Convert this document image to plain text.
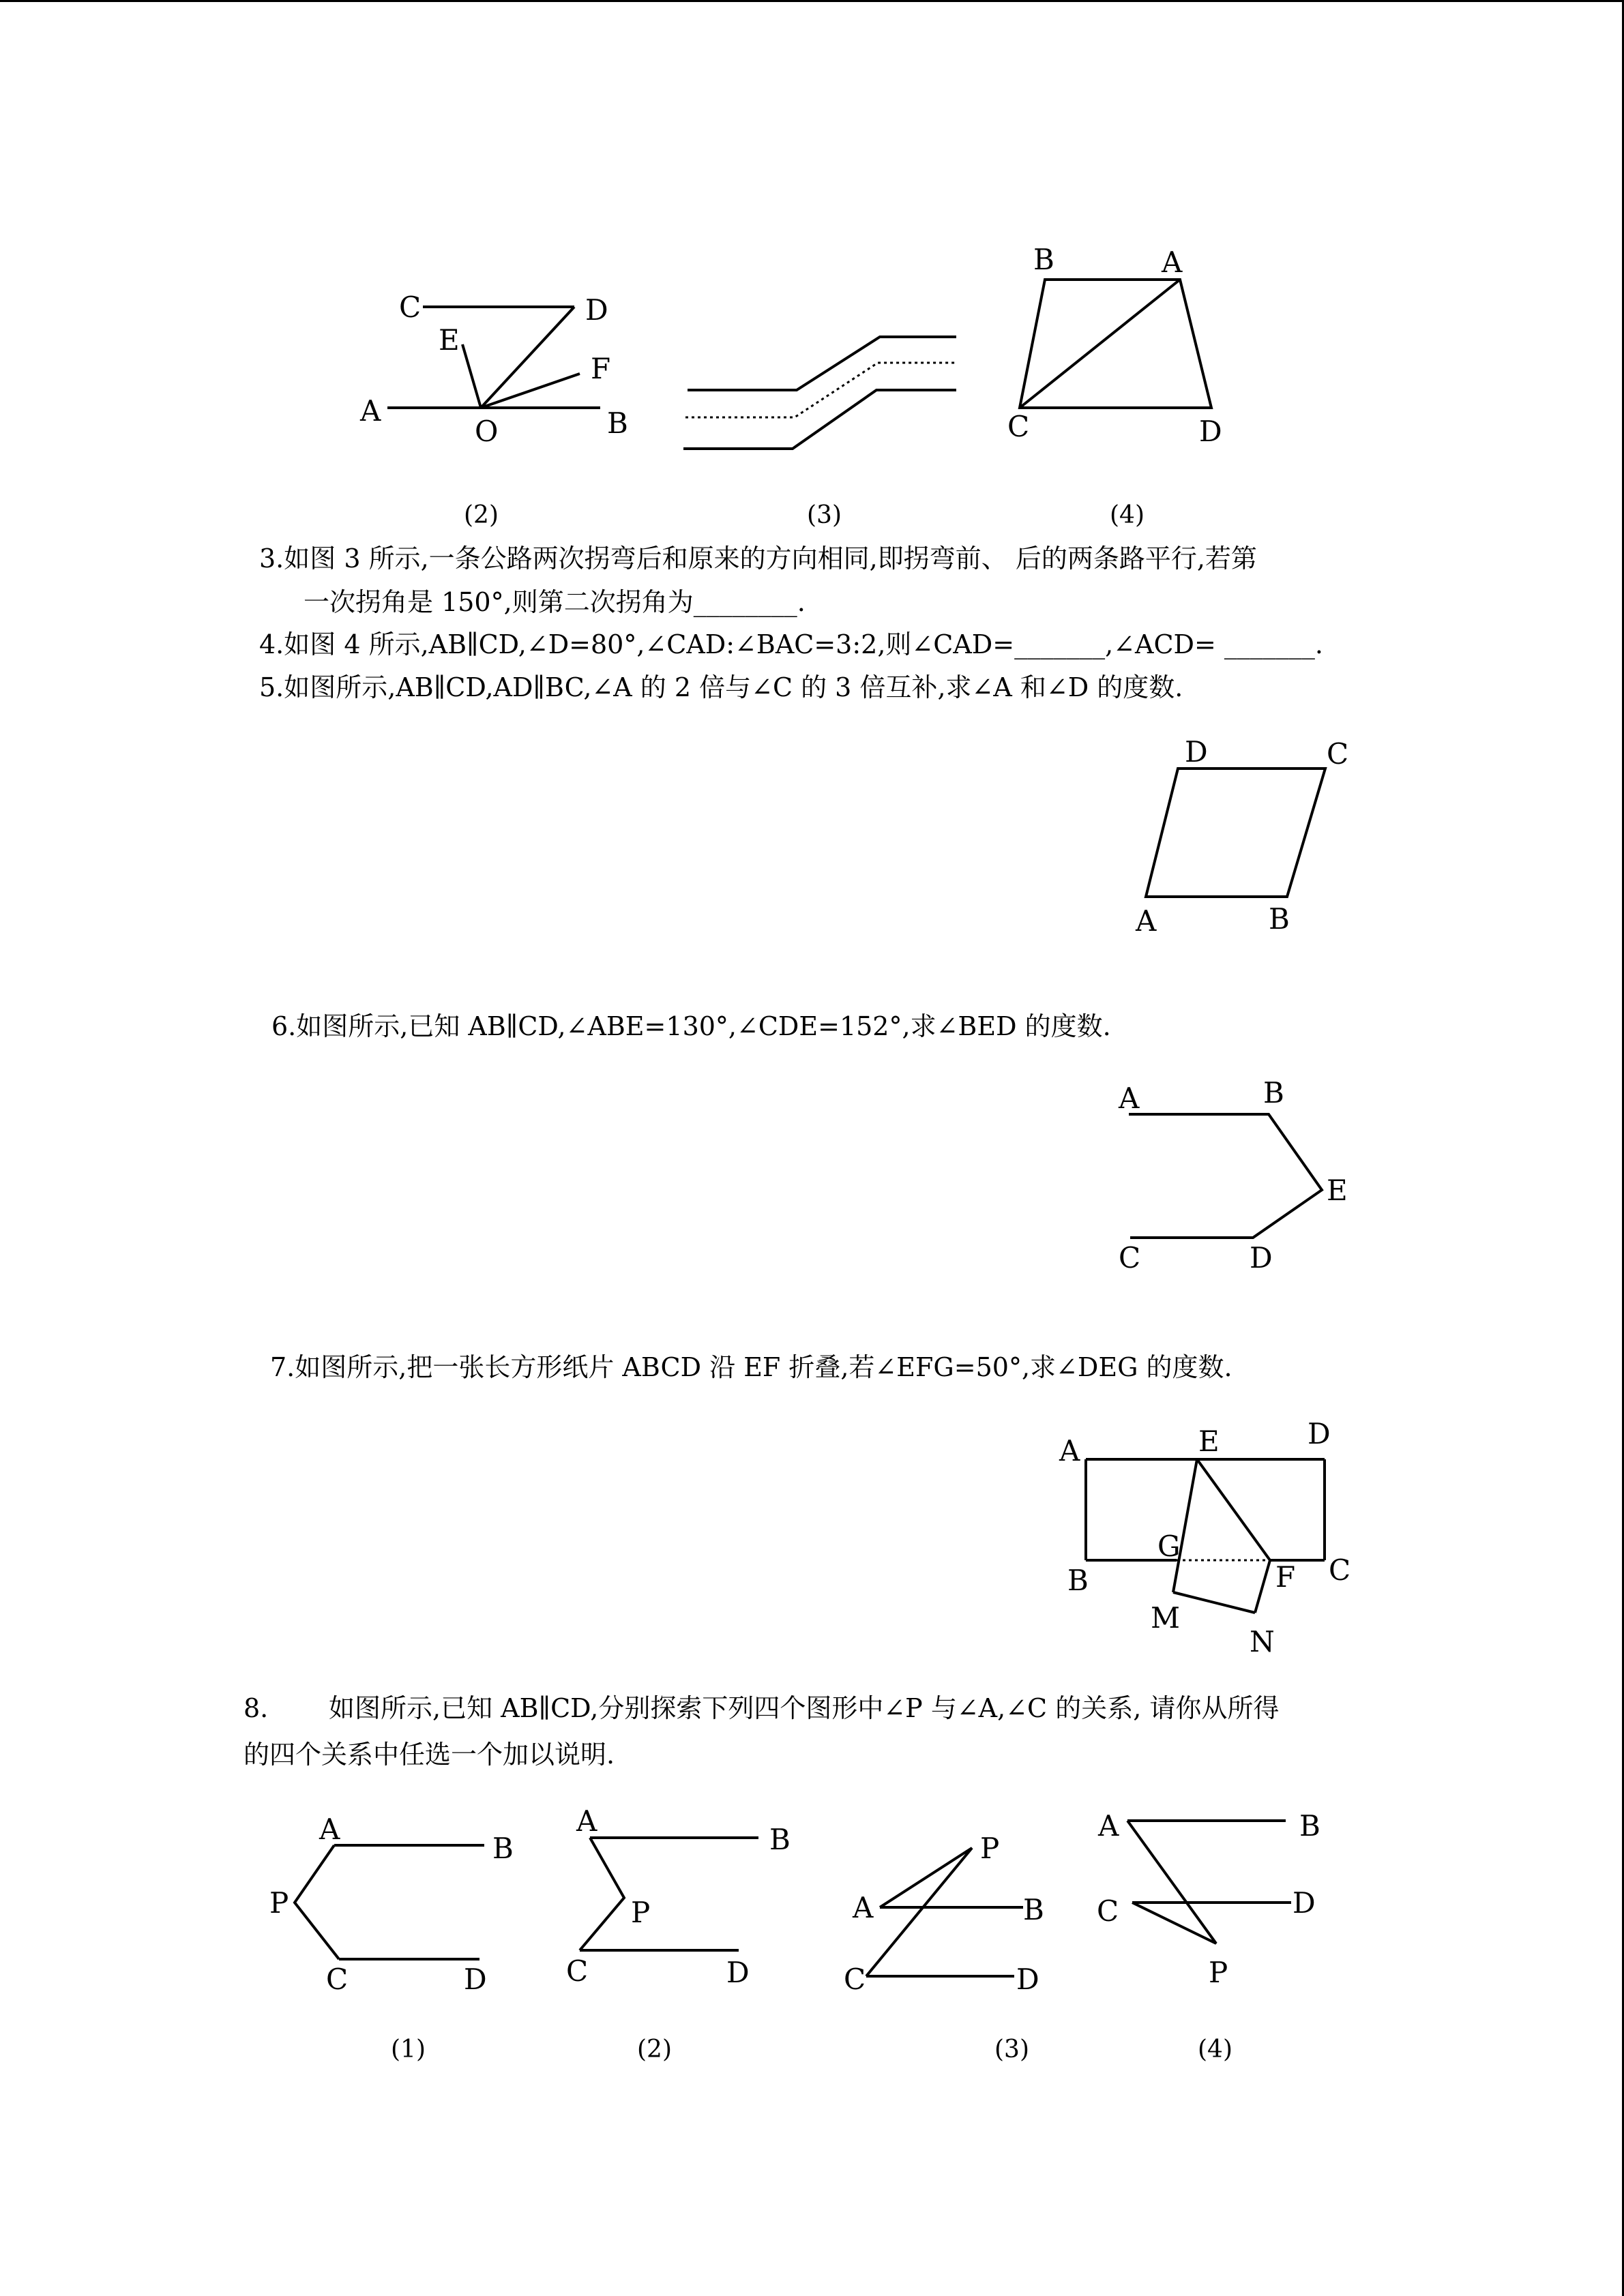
C
E
D
F
A
O	B
(2)	(3)
B	A
C	D
(4)
D	C
A	B
A	B
E
C	D
A	E	D
G
B	F C
M
N
A
B
P
C	D
(1)
A
B
P
C	D
(2)
P
A	B
C	D
(3)
A	B
C	D
P
(4)
3.如图 3 所示,一条公路两次拐弯后和原来的方向相同,即拐弯前、 后的两条路平行,若第
一次拐角是 150°,则第二次拐角为________.
4.如图 4 所示,AB∥CD,∠D=80°,∠CAD:∠BAC=3:2,则∠CAD=_______,∠ACD= _______.
5.如图所示,AB∥CD,AD∥BC,∠A 的 2 倍与∠C 的 3 倍互补,求∠A 和∠D 的度数.
6.如图所示,已知 AB∥CD,∠ABE=130°,∠CDE=152°,求∠BED 的度数.
7.如图所示,把一张长方形纸片 ABCD 沿 EF 折叠,若∠EFG=50°,求∠DEG 的度数.
8. 如图所示,已知 AB∥CD,分别探索下列四个图形中∠P 与∠A,∠C 的关系, 请你从所得
的四个关系中任选一个加以说明.
